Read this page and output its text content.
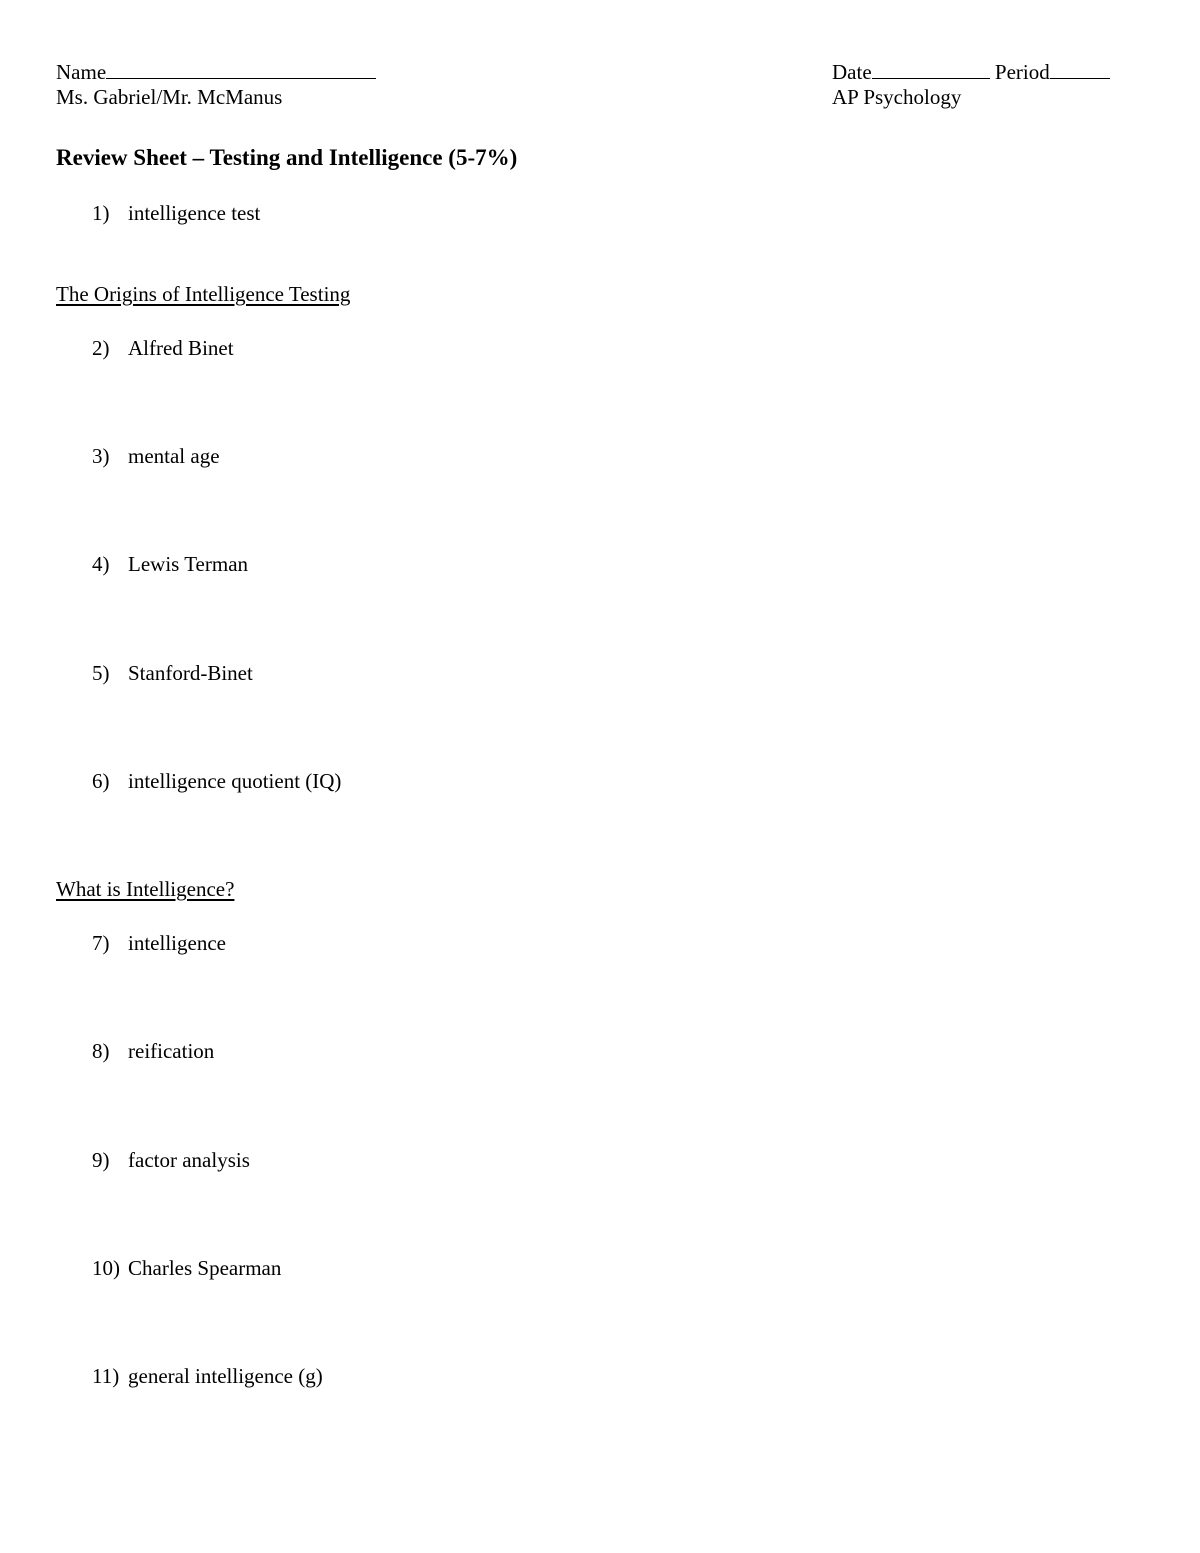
Name
Ms. Gabriel/Mr. McManus
Date	Period
AP Psychology
Review Sheet – Testing and Intelligence (5-7%)
1) intelligence test
The Origins of Intelligence Testing
2) Alfred Binet
3) mental age
4) Lewis Terman
5) Stanford-Binet
6) intelligence quotient (IQ)
What is Intelligence?
7) intelligence
8) reification
9) factor analysis
10) Charles Spearman
11) general intelligence (g)
